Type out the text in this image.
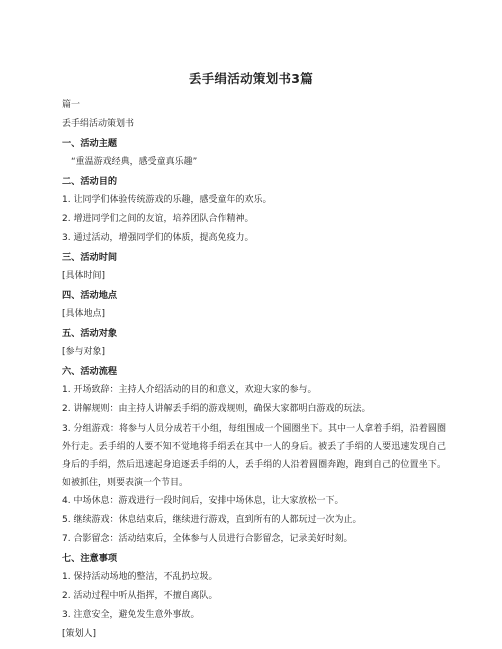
丢手绢活动策划书3篇
篇一
丢手绢活动策划书
一、活动主题
“重温游戏经典，感受童真乐趣”
二、活动目的
1. 让同学们体验传统游戏的乐趣，感受童年的欢乐。
2. 增进同学们之间的友谊，培养团队合作精神。
3. 通过活动，增强同学们的体质，提高免疫力。
三、活动时间
[具体时间]
四、活动地点
[具体地点]
五、活动对象
[参与对象]
六、活动流程
1. 开场致辞：主持人介绍活动的目的和意义，欢迎大家的参与。
2. 讲解规则：由主持人讲解丢手绢的游戏规则，确保大家都明白游戏的玩法。
3. 分组游戏：将参与人员分成若干小组，每组围成一个圆圈坐下。其中一人拿着手绢，沿着圆圈外行走。丢手绢的人要不知不觉地将手绢丢在其中一人的身后。被丢了手绢的人要迅速发现自己身后的手绢，然后迅速起身追逐丢手绢的人，丢手绢的人沿着圆圈奔跑，跑到自己的位置坐下。如被抓住，则要表演一个节目。
4. 中场休息：游戏进行一段时间后，安排中场休息，让大家放松一下。
5. 继续游戏：休息结束后，继续进行游戏，直到所有的人都玩过一次为止。
7. 合影留念：活动结束后，全体参与人员进行合影留念，记录美好时刻。
七、注意事项
1. 保持活动场地的整洁，不乱扔垃圾。
2. 活动过程中听从指挥，不擅自离队。
3. 注意安全，避免发生意外事故。
[策划人]
